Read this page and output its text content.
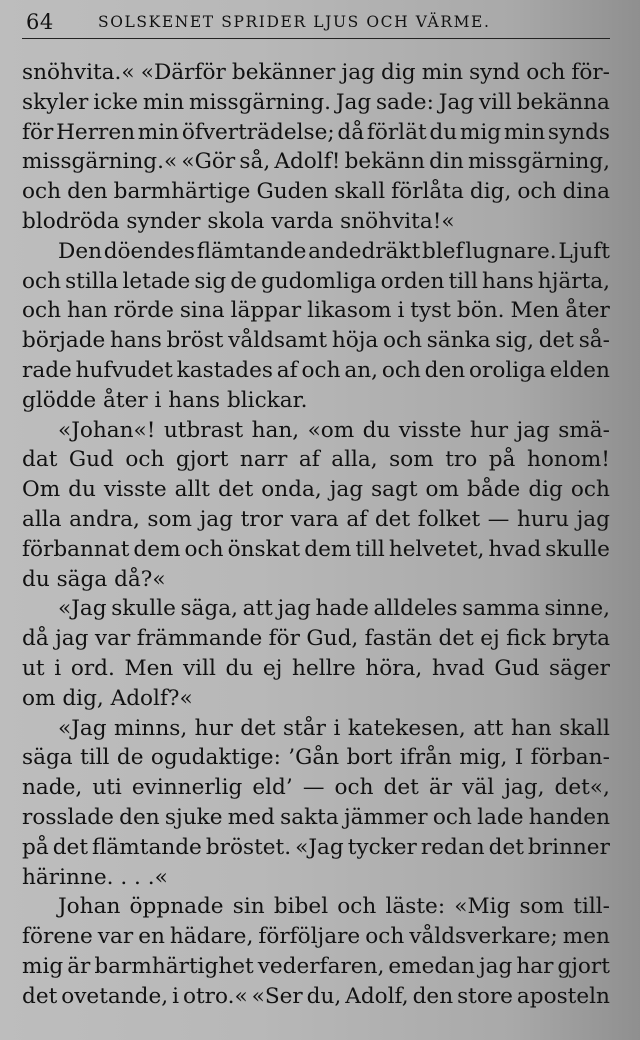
64	SOLSKENET SPRIDER LJUS OCH VÄRME.
snöhvita.« «Därför bekänner jag dig min synd och för-
skyler icke min missgärning. Jag sade: Jag vill bekänna
för Herren min öfverträdelse; då förlät du mig min synds
missgärning.« «Gör så, Adolf! bekänn din missgärning,
och den barmhärtige Guden skall förlåta dig, och dina
blodröda synder skola varda snöhvita!«
Den döendes flämtande andedräkt blef lugnare. Ljuft
och stilla letade sig de gudomliga orden till hans hjärta,
och han rörde sina läppar likasom i tyst bön. Men åter
började hans bröst våldsamt höja och sänka sig, det så-
rade hufvudet kastades af och an, och den oroliga elden
glödde åter i hans blickar.
«Johan«! utbrast han, «om du visste hur jag smä-
dat Gud och gjort narr af alla, som tro på honom!
Om du visste allt det onda, jag sagt om både dig och
alla andra, som jag tror vara af det folket — huru jag
förbannat dem och önskat dem till helvetet, hvad skulle
du säga då?«
«Jag skulle säga, att jag hade alldeles samma sinne,
då jag var främmande för Gud, fastän det ej fick bryta
ut i ord. Men vill du ej hellre höra, hvad Gud säger
om dig, Adolf?«
«Jag minns, hur det står i katekesen, att han skall
säga till de ogudaktige: ’Gån bort ifrån mig, I förban-
nade, uti evinnerlig eld’ — och det är väl jag, det«,
rosslade den sjuke med sakta jämmer och lade handen
på det flämtande bröstet. «Jag tycker redan det brinner
härinne. . . .«
Johan öppnade sin bibel och läste: «Mig som till-
förene var en hädare, förföljare och våldsverkare; men
mig är barmhärtighet vederfaren, emedan jag har gjort
det ovetande, i otro.« «Ser du, Adolf, den store aposteln
